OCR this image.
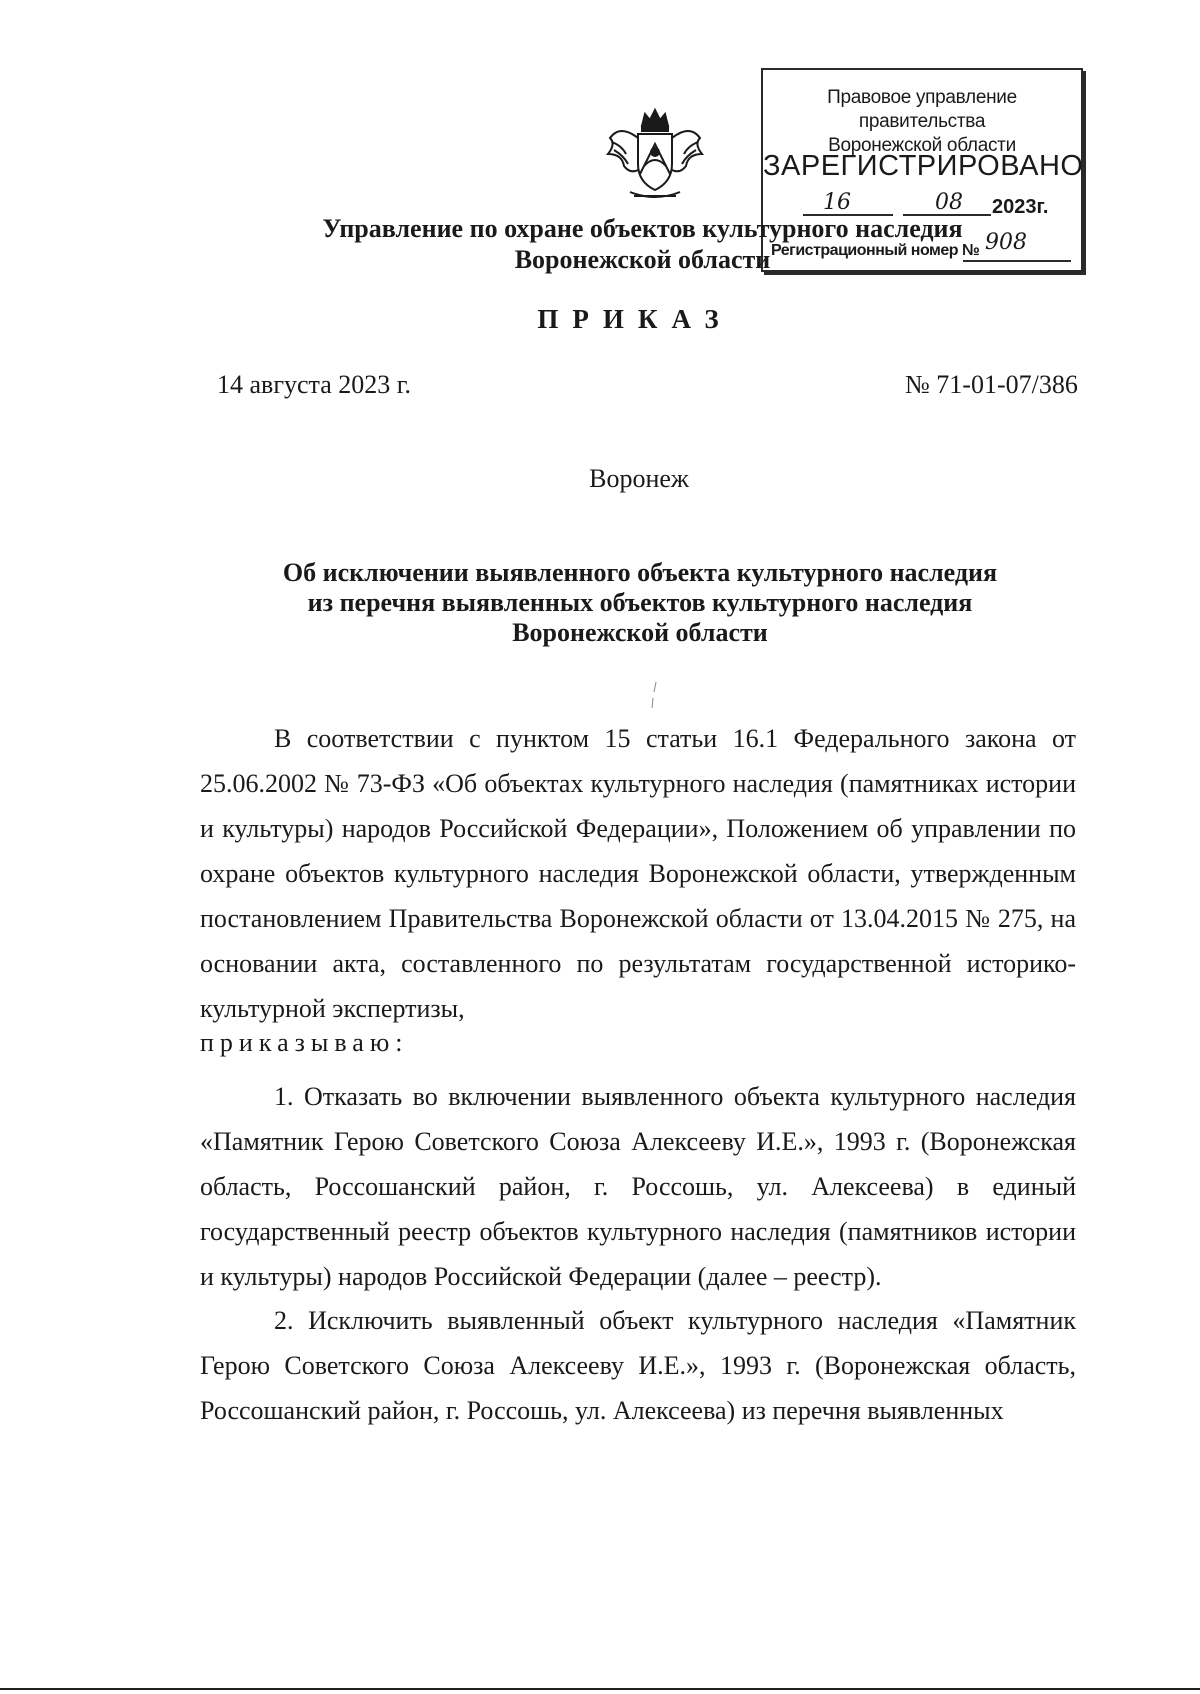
Правовое управление правительства
Воронежской области
ЗАРЕГИСТРИРОВАНО
16	08 2023г.
Регистрационный номер № 908
Управление по охране объектов культурного наследия
Воронежской области
ПРИКАЗ
14 августа 2023 г.	№ 71-01-07/386
Воронеж
Об исключении выявленного объекта культурного наследия
из перечня выявленных объектов культурного наследия
Воронежской области
В соответствии с пунктом 15 статьи 16.1 Федерального закона от 25.06.2002 № 73-ФЗ «Об объектах культурного наследия (памятниках истории и культуры) народов Российской Федерации», Положением об управлении по охране объектов культурного наследия Воронежской области, утвержденным постановлением Правительства Воронежской области от 13.04.2015 № 275, на основании акта, составленного по результатам государственной историко-культурной экспертизы,
приказываю:
1. Отказать во включении выявленного объекта культурного наследия «Памятник Герою Советского Союза Алексееву И.Е.», 1993 г. (Воронежская область, Россошанский район, г. Россошь, ул. Алексеева) в единый государственный реестр объектов культурного наследия (памятников истории и культуры) народов Российской Федерации (далее – реестр).
2. Исключить выявленный объект культурного наследия «Памятник Герою Советского Союза Алексееву И.Е.», 1993 г. (Воронежская область, Россошанский район, г. Россошь, ул. Алексеева) из перечня выявленных
